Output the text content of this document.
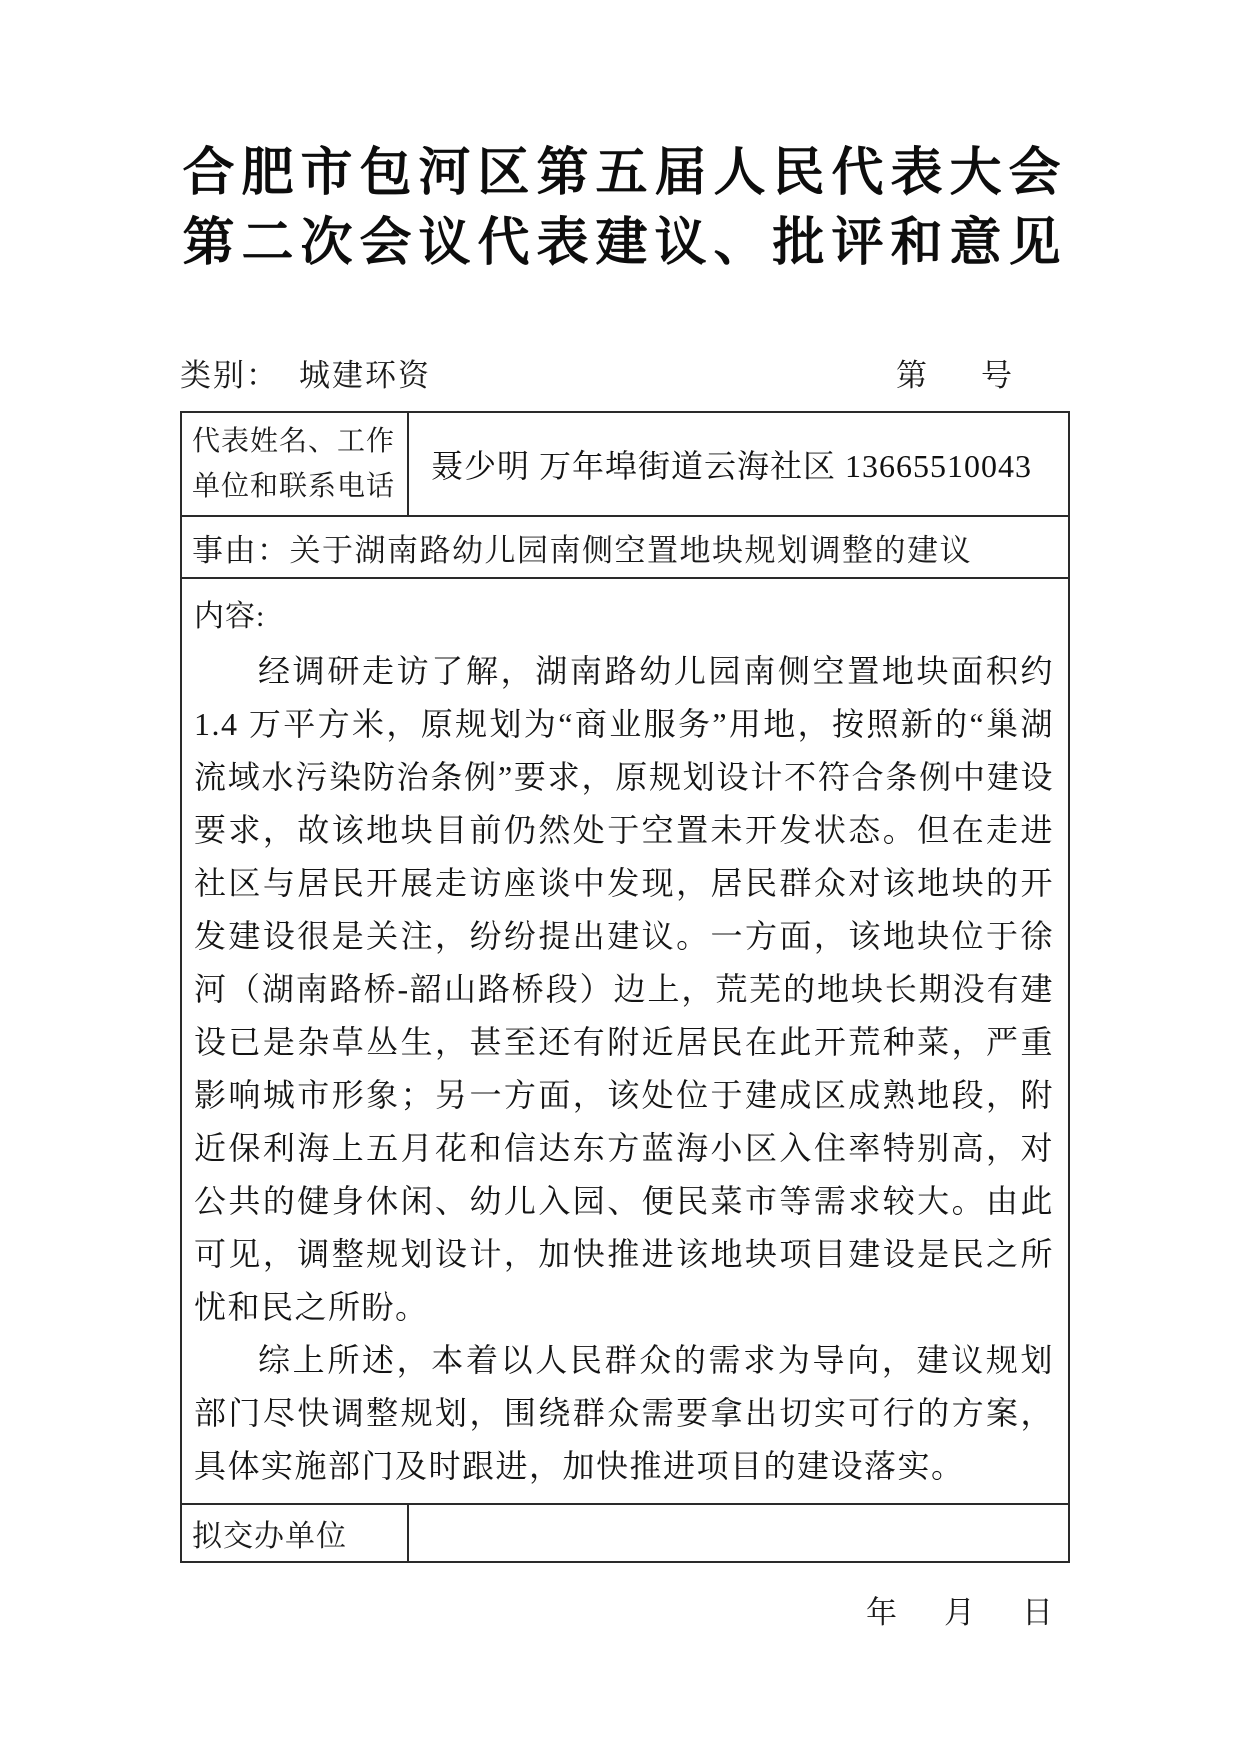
合肥市包河区第五届人民代表大会
第二次会议代表建议、批评和意见
类别： 城建环资	第 号
代表姓名、工作
单位和联系电话
聂少明 万年埠街道云海社区 13665510043
事由： 关于湖南路幼儿园南侧空置地块规划调整的建议
内容:

经调研走访了解，湖南路幼儿园南侧空置地块面积约 1.4 万平方米，原规划为“商业服务”用地，按照新的“巢湖流域水污染防治条例”要求，原规划设计不符合条例中建设要求，故该地块目前仍然处于空置未开发状态。但在走进社区与居民开展走访座谈中发现，居民群众对该地块的开发建设很是关注，纷纷提出建议。一方面，该地块位于徐河（湖南路桥-韶山路桥段）边上，荒芜的地块长期没有建设已是杂草丛生，甚至还有附近居民在此开荒种菜，严重影响城市形象；另一方面，该处位于建成区成熟地段，附近保利海上五月花和信达东方蓝海小区入住率特别高，对公共的健身休闲、幼儿入园、便民菜市等需求较大。由此可见，调整规划设计，加快推进该地块项目建设是民之所忧和民之所盼。

综上所述，本着以人民群众的需求为导向，建议规划部门尽快调整规划，围绕群众需要拿出切实可行的方案，具体实施部门及时跟进，加快推进项目的建设落实。

拟交办单位
年 月 日
